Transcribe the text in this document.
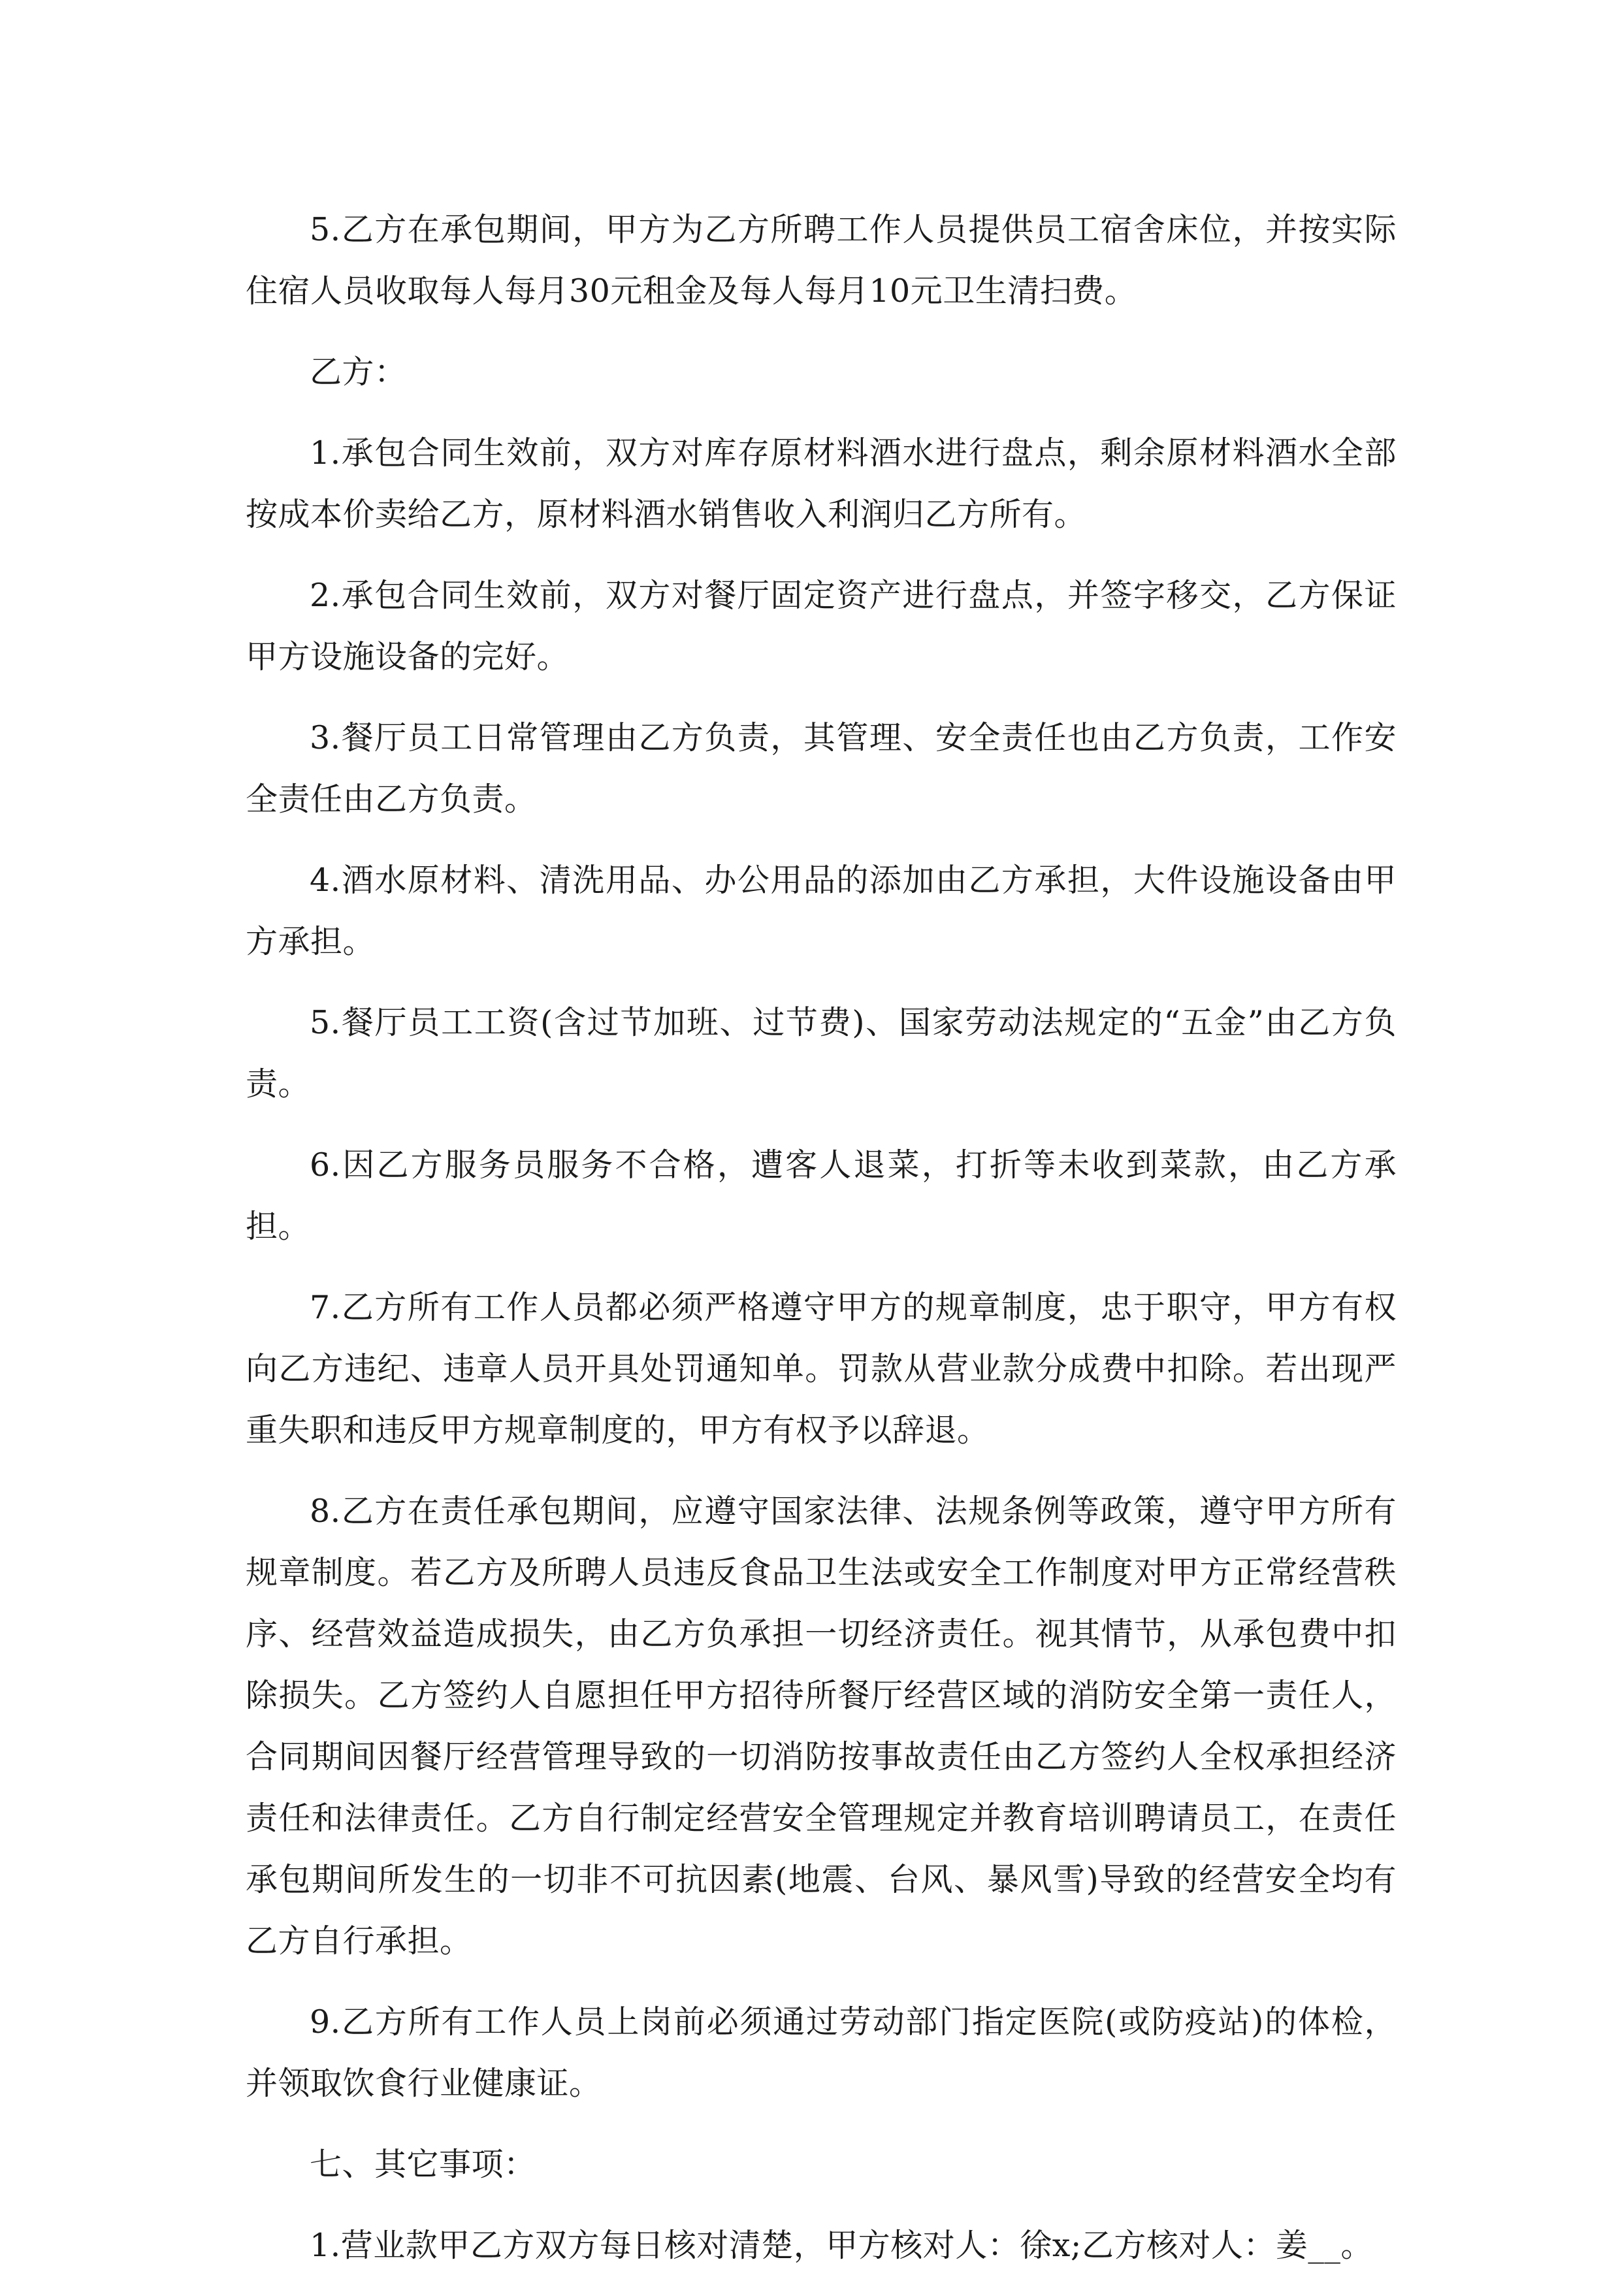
5.乙方在承包期间，甲方为乙方所聘工作人员提供员工宿舍床位，并按实际住宿人员收取每人每月30元租金及每人每月10元卫生清扫费。

乙方：

1.承包合同生效前，双方对库存原材料酒水进行盘点，剩余原材料酒水全部按成本价卖给乙方，原材料酒水销售收入利润归乙方所有。

2.承包合同生效前，双方对餐厅固定资产进行盘点，并签字移交，乙方保证甲方设施设备的完好。

3.餐厅员工日常管理由乙方负责，其管理、安全责任也由乙方负责，工作安全责任由乙方负责。

4.酒水原材料、清洗用品、办公用品的添加由乙方承担，大件设施设备由甲方承担。

5.餐厅员工工资(含过节加班、过节费)、国家劳动法规定的“五金”由乙方负责。

6.因乙方服务员服务不合格，遭客人退菜，打折等未收到菜款，由乙方承担。

7.乙方所有工作人员都必须严格遵守甲方的规章制度，忠于职守，甲方有权向乙方违纪、违章人员开具处罚通知单。罚款从营业款分成费中扣除。若出现严重失职和违反甲方规章制度的，甲方有权予以辞退。

8.乙方在责任承包期间，应遵守国家法律、法规条例等政策，遵守甲方所有规章制度。若乙方及所聘人员违反食品卫生法或安全工作制度对甲方正常经营秩序、经营效益造成损失，由乙方负承担一切经济责任。视其情节，从承包费中扣除损失。乙方签约人自愿担任甲方招待所餐厅经营区域的消防安全第一责任人，合同期间因餐厅经营管理导致的一切消防按事故责任由乙方签约人全权承担经济责任和法律责任。乙方自行制定经营安全管理规定并教育培训聘请员工，在责任承包期间所发生的一切非不可抗因素(地震、台风、暴风雪)导致的经营安全均有乙方自行承担。

9.乙方所有工作人员上岗前必须通过劳动部门指定医院(或防疫站)的体检，并领取饮食行业健康证。

七、其它事项：

1.营业款甲乙方双方每日核对清楚，甲方核对人：徐x;乙方核对人：姜__。
